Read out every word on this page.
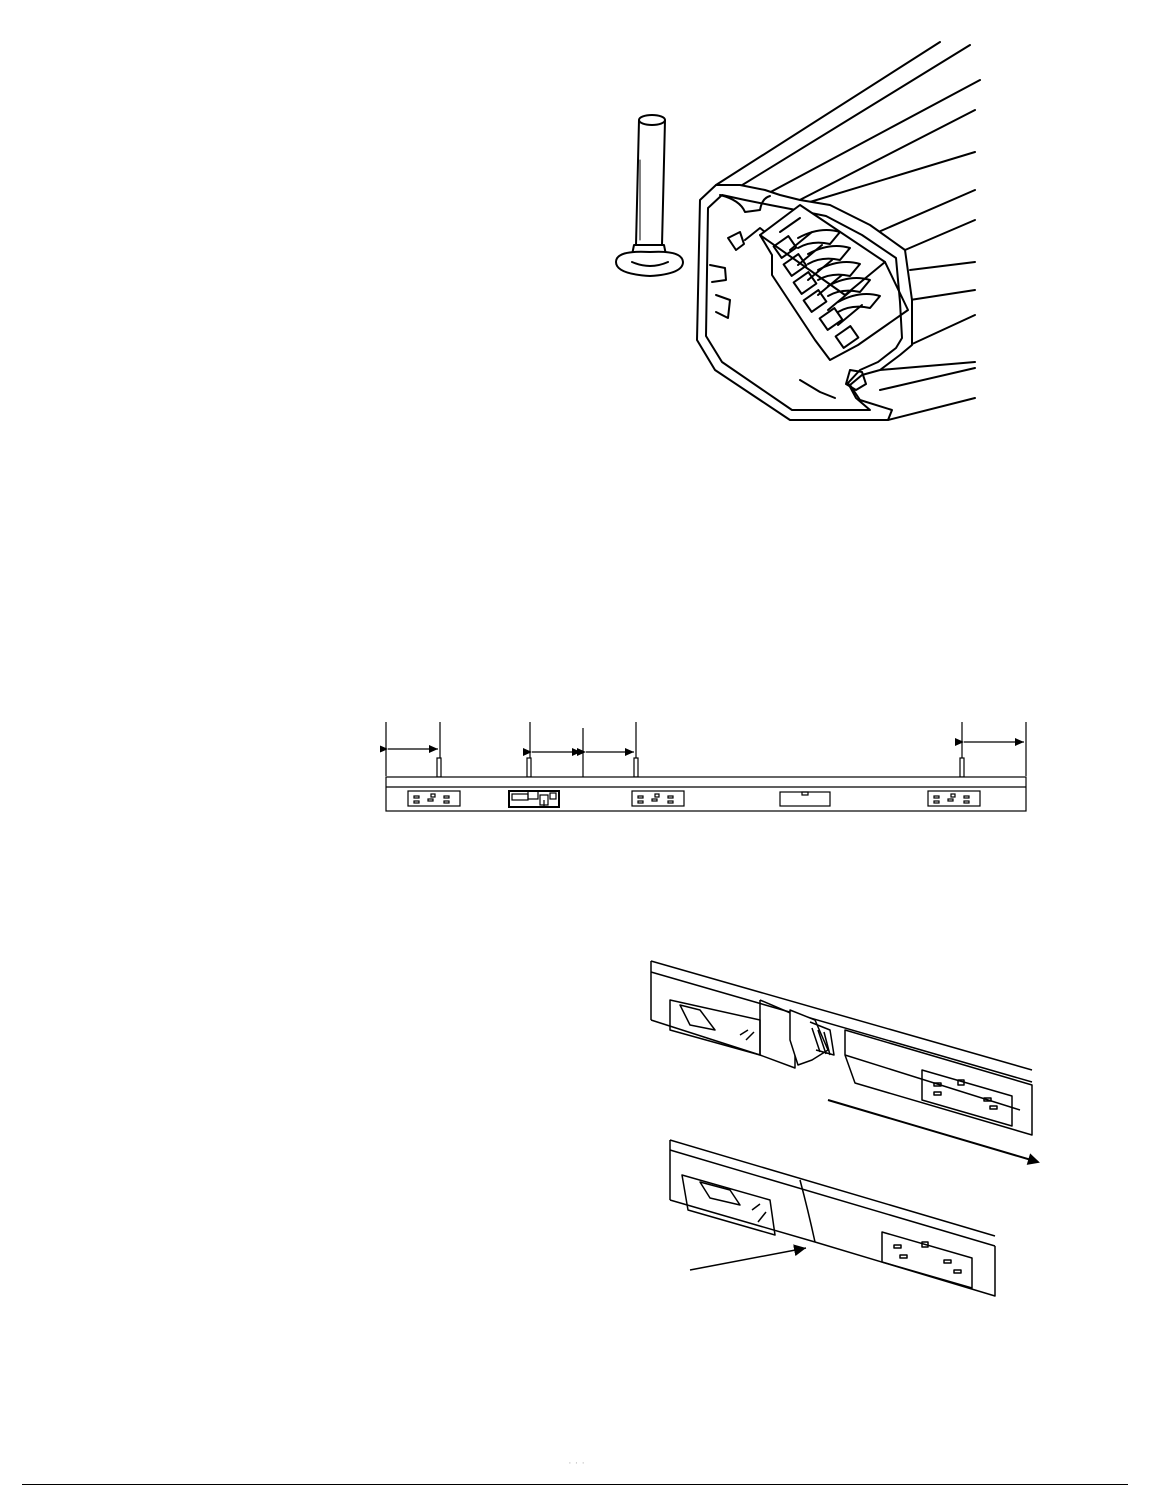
· · ·
